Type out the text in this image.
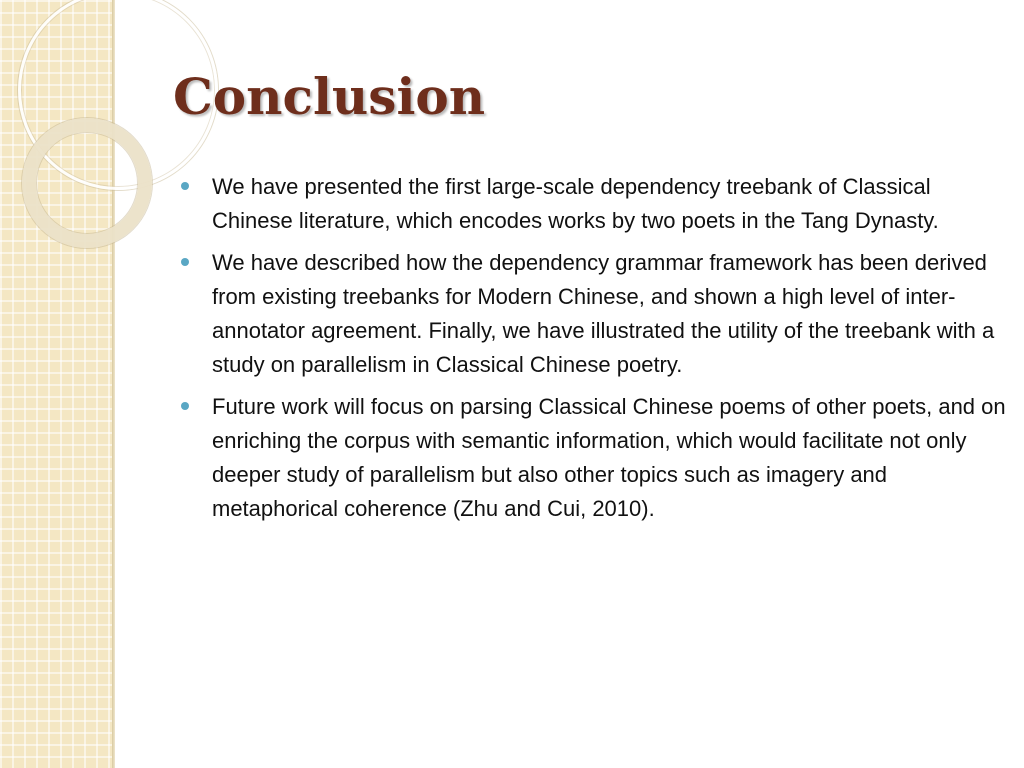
Conclusion
We have presented the first large-scale dependency treebank of Classical Chinese literature, which encodes works by two poets in the Tang Dynasty.
We have described how the dependency grammar framework has been derived from existing treebanks for Modern Chinese, and shown a high level of inter-annotator agreement. Finally, we have illustrated the utility of the treebank with a study on parallelism in Classical Chinese poetry.
Future work will focus on parsing Classical Chinese poems of other poets, and on enriching the corpus with semantic information, which would facilitate not only deeper study of parallelism but also other topics such as imagery and metaphorical coherence (Zhu and Cui, 2010).
